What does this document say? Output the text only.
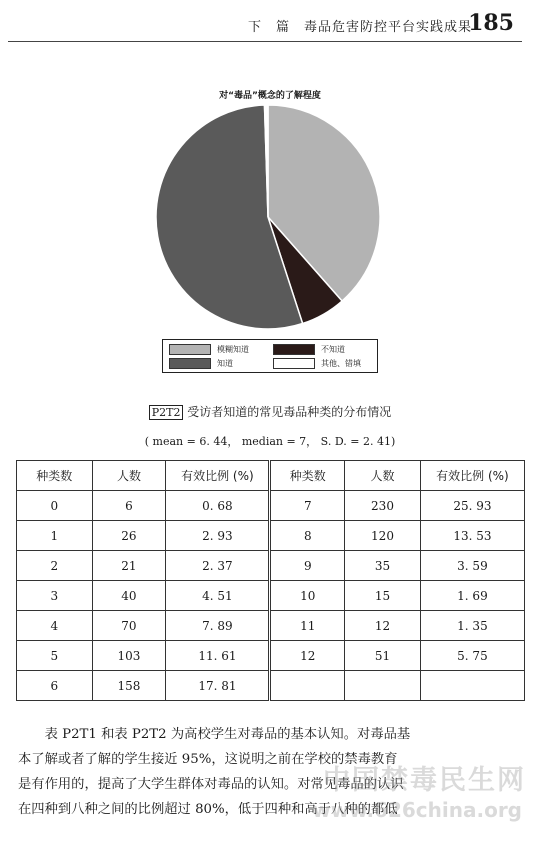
下　篇　毒品危害防控平台实践成果
185
对“毒品”概念的了解程度
模糊知道	不知道
知道	其他、错填
P2T2 受访者知道的常见毒品种类的分布情况
( mean = 6. 44， median = 7， S. D. = 2. 41)
种类数	人数	有效比例 (%)	种类数	人数	有效比例 (%)
0	6	0. 68	7	230	25. 93
1	26	2. 93	8	120	13. 53
2	21	2. 37	9	35	3. 59
3	40	4. 51	10	15	1. 69
4	70	7. 89	11	12	1. 35
5	103	11. 61	12	51	5. 75
6	158	17. 81			

表 P2T1 和表 P2T2 为高校学生对毒品的基本认知。对毒品基

本了解或者了解的学生接近 95%，这说明之前在学校的禁毒教育

是有作用的，提高了大学生群体对毒品的认知。对常见毒品的认识

在四种到八种之间的比例超过 80%，低于四种和高于八种的都低

中国禁毒民生网
www.626china.org
